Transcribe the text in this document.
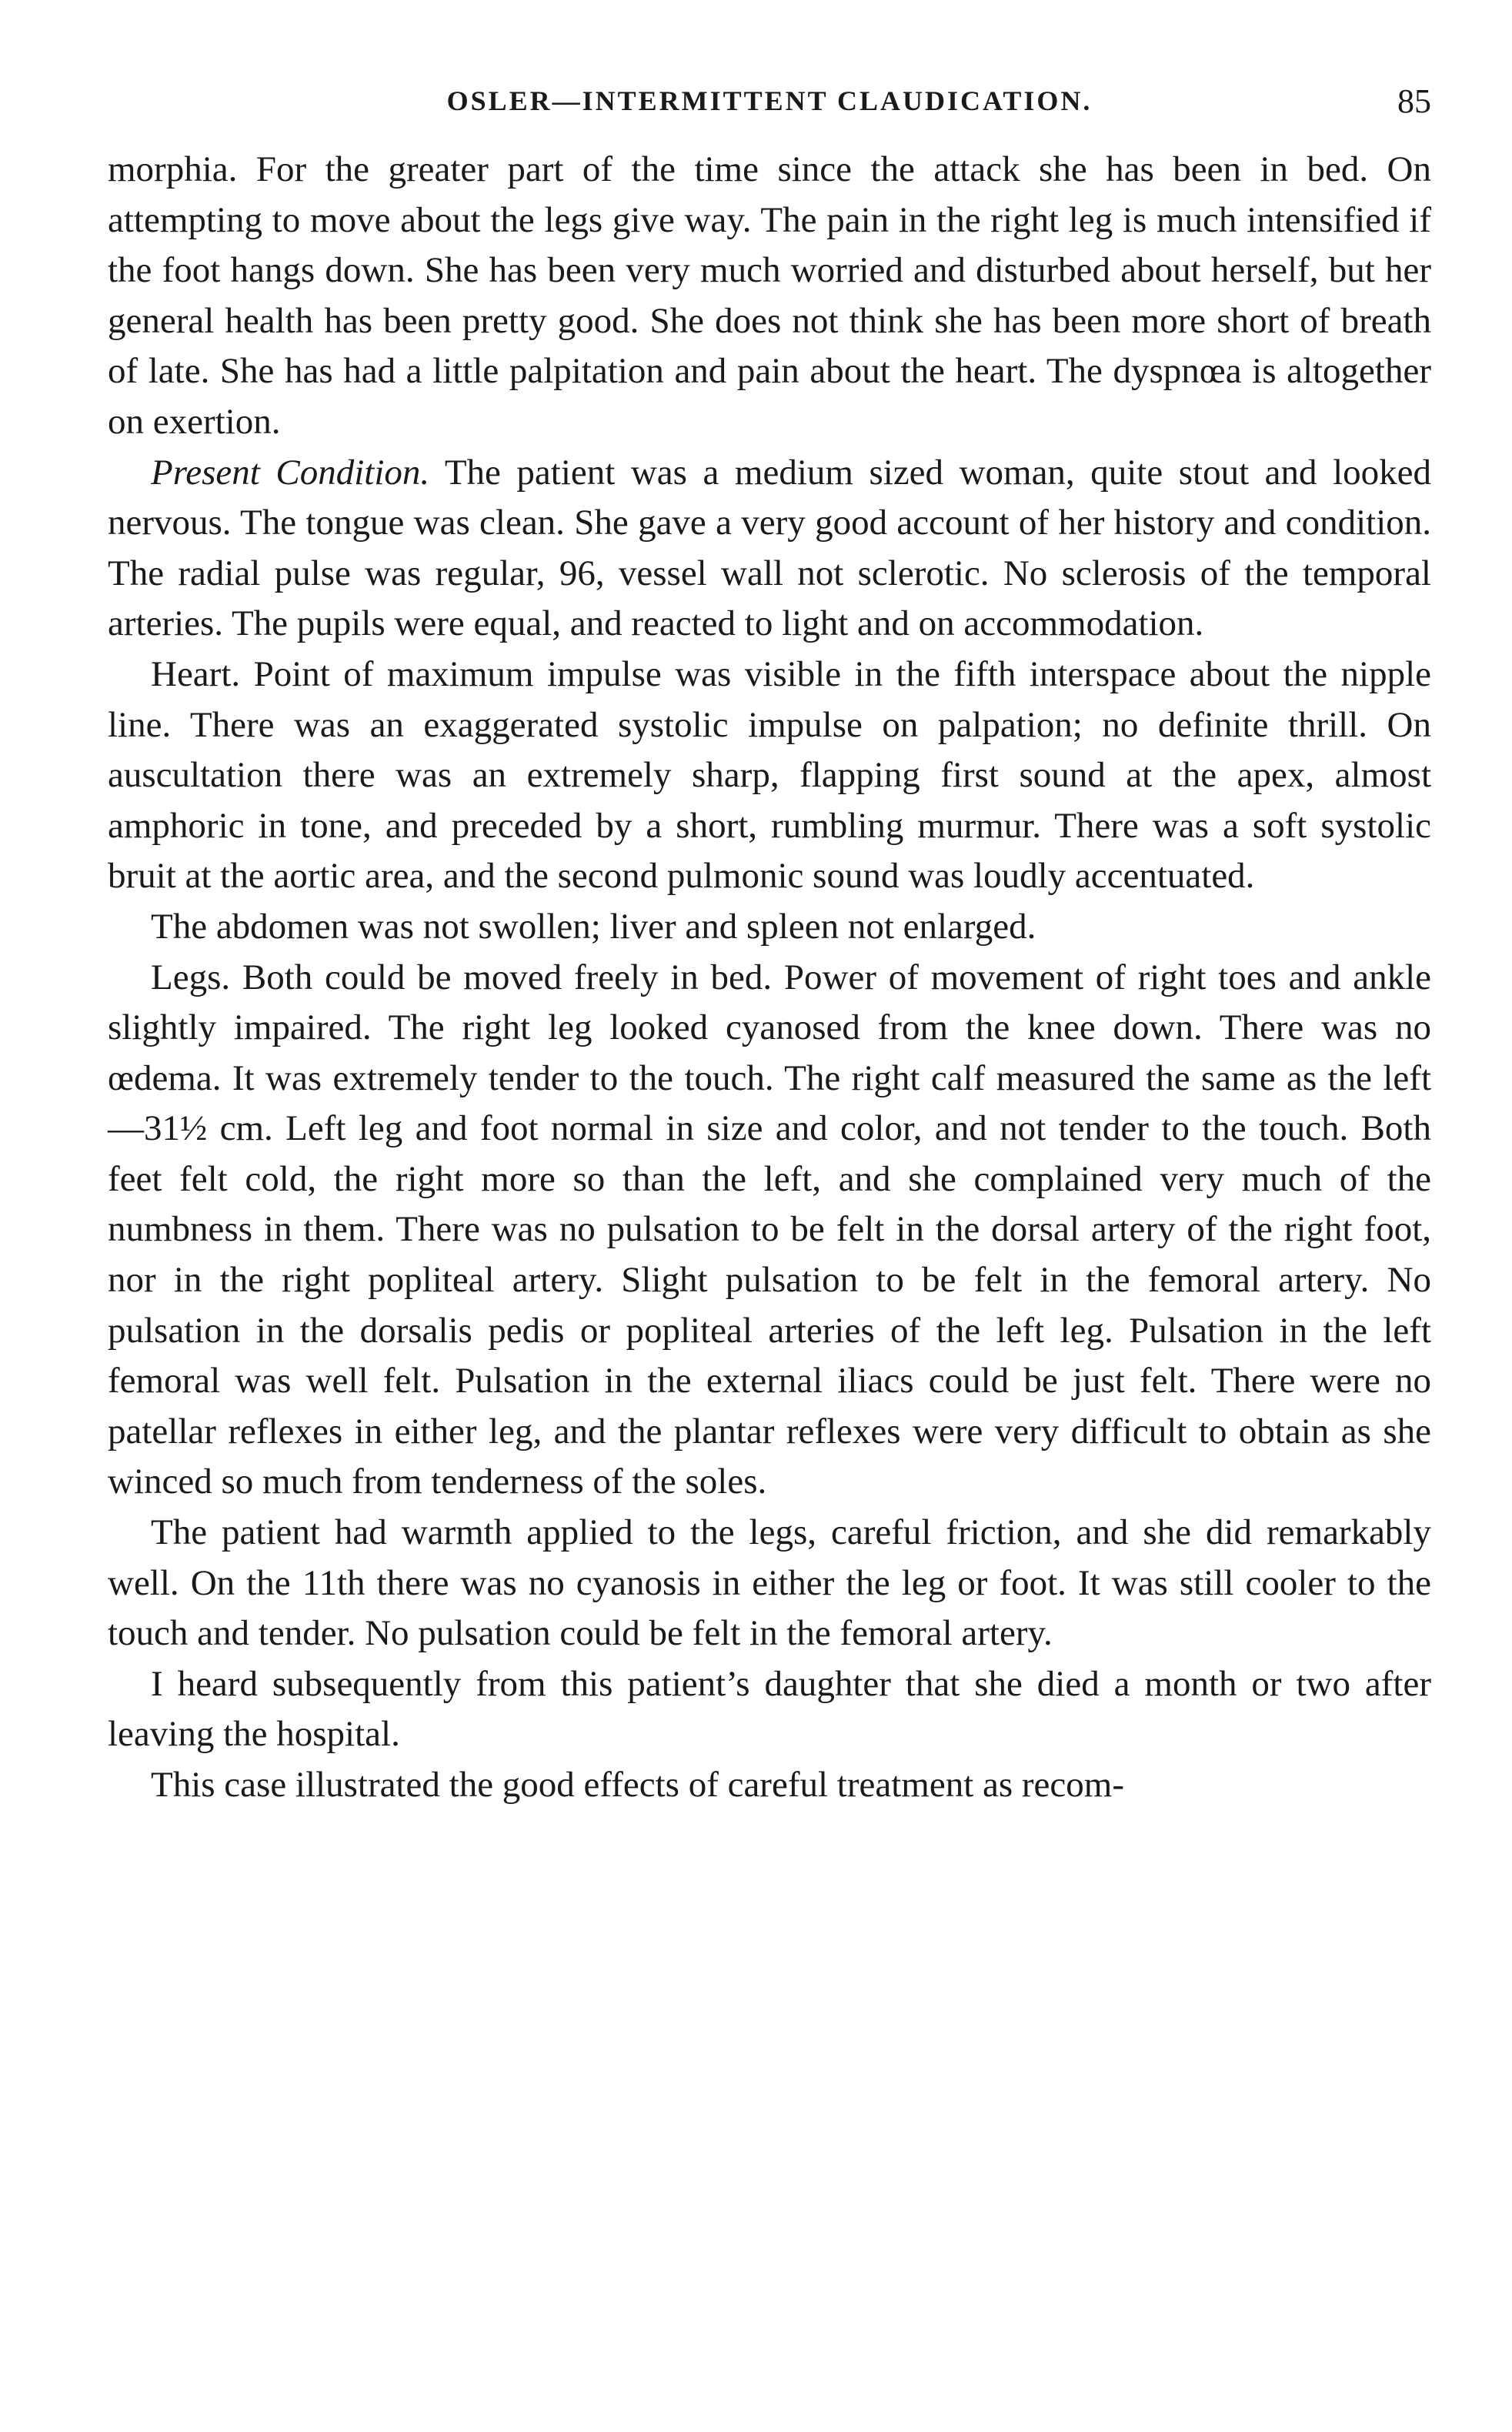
OSLER—INTERMITTENT CLAUDICATION.	85

morphia. For the greater part of the time since the attack she has been in bed. On attempting to move about the legs give way. The pain in the right leg is much intensified if the foot hangs down. She has been very much worried and disturbed about herself, but her general health has been pretty good. She does not think she has been more short of breath of late. She has had a little palpitation and pain about the heart. The dyspnœa is altogether on exertion.

Present Condition. The patient was a medium sized woman, quite stout and looked nervous. The tongue was clean. She gave a very good account of her history and condition. The radial pulse was regular, 96, vessel wall not sclerotic. No sclerosis of the temporal arteries. The pupils were equal, and reacted to light and on accommodation.

Heart. Point of maximum impulse was visible in the fifth interspace about the nipple line. There was an exaggerated systolic impulse on palpation; no definite thrill. On auscultation there was an extremely sharp, flapping first sound at the apex, almost amphoric in tone, and preceded by a short, rumbling murmur. There was a soft systolic bruit at the aortic area, and the second pulmonic sound was loudly accentuated.

The abdomen was not swollen; liver and spleen not enlarged.

Legs. Both could be moved freely in bed. Power of movement of right toes and ankle slightly impaired. The right leg looked cyanosed from the knee down. There was no œdema. It was extremely tender to the touch. The right calf measured the same as the left—31½ cm. Left leg and foot normal in size and color, and not tender to the touch. Both feet felt cold, the right more so than the left, and she complained very much of the numbness in them. There was no pulsation to be felt in the dorsal artery of the right foot, nor in the right popliteal artery. Slight pulsation to be felt in the femoral artery. No pulsation in the dorsalis pedis or popliteal arteries of the left leg. Pulsation in the left femoral was well felt. Pulsation in the external iliacs could be just felt. There were no patellar reflexes in either leg, and the plantar reflexes were very difficult to obtain as she winced so much from tenderness of the soles.

The patient had warmth applied to the legs, careful friction, and she did remarkably well. On the 11th there was no cyanosis in either the leg or foot. It was still cooler to the touch and tender. No pulsation could be felt in the femoral artery.

I heard subsequently from this patient’s daughter that she died a month or two after leaving the hospital.

This case illustrated the good effects of careful treatment as recom-
